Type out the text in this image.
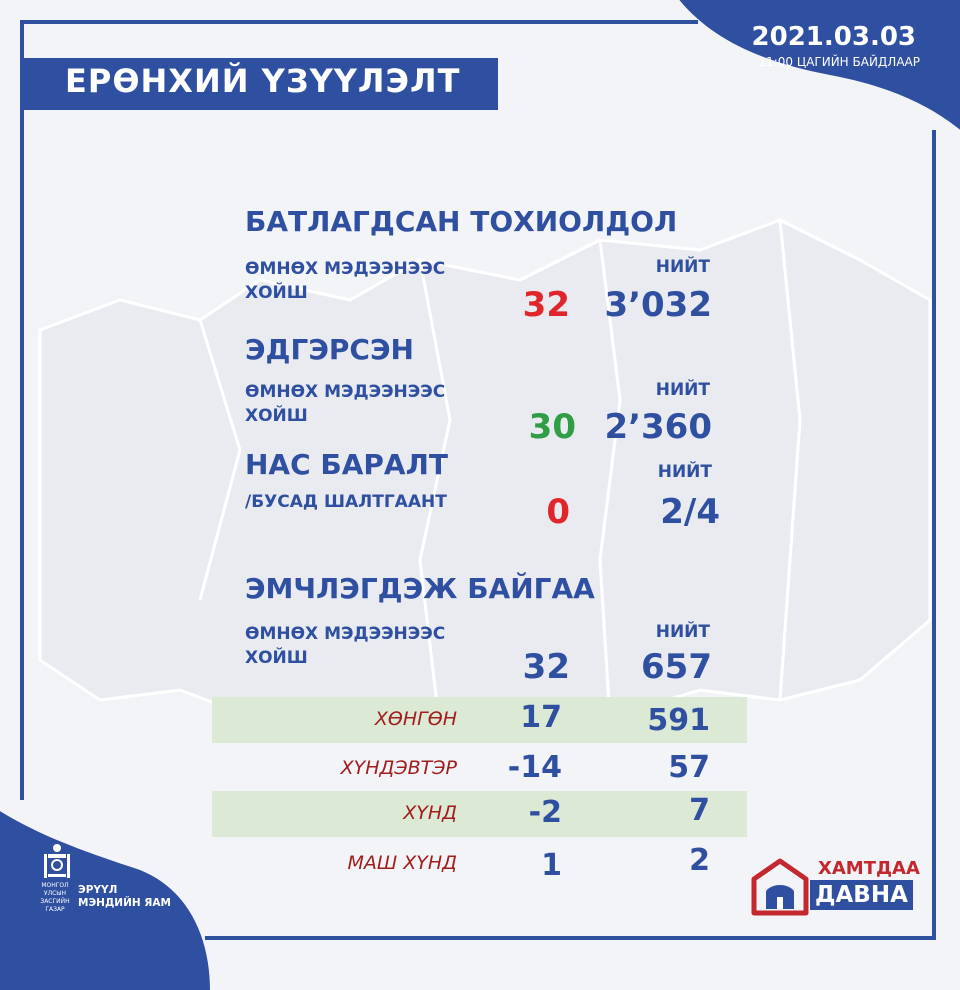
ЕРӨНХИЙ ҮЗҮҮЛЭЛТ
2021.03.03
11:00 ЦАГИЙН БАЙДЛААР
БАТЛАГДСАН ТОХИОЛДОЛ
ӨМНӨХ МЭДЭЭНЭЭС
ХОЙШ
НИЙТ
32	3’032
ЭДГЭРСЭН
ӨМНӨХ МЭДЭЭНЭЭС
ХОЙШ
НИЙТ
30 2’360
НАС БАРАЛТ
/БУСАД ШАЛТГААНТ
НИЙТ
0	2/4
ЭМЧЛЭГДЭЖ БАЙГАА
ӨМНӨХ МЭДЭЭНЭЭС
ХОЙШ
НИЙТ
32	657
ХӨНГӨН	17	591
ХҮНДЭВТЭР	-14	57
ХҮНД	-2	7
МАШ ХҮНД	1	2
МОНГОЛ УЛСЫН
ЗАСГИЙН ГАЗАР
ЭРҮҮЛ
МЭНДИЙН ЯАМ
ХАМТДАА
ДАВНА
